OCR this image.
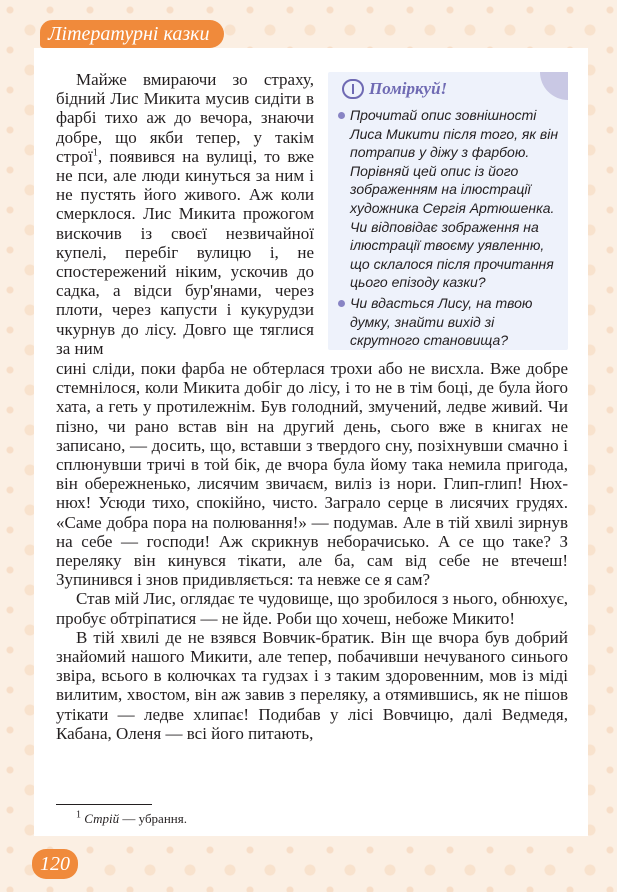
Літературні казки

Майже вмираючи зо страху, бідний Лис Микита мусив сидіти в фарбі тихо аж до вечора, знаючи добре, що якби тепер, у такім строї$^1$, появився на вулиці, то вже не пси, але люди кинуться за ним і не пустять його живого. Аж коли смерклося. Лис Микита прожогом вискочив із своєї незвичайної купелі, перебіг вулицю і, не спостережений ніким, ускочив до садка, а відси бур'янами, через плоти, через капусти і кукурудзи чкурнув до лісу. Довго ще тяглися за ним

Поміркуй!
Прочитай опис зовнішності Лиса Микити після того, як він потрапив у діжу з фарбою. Порівняй цей опис із його зображенням на ілюстрації художника Сергія Артюшенка. Чи відповідає зображення на ілюстрації твоєму уявленню, що склалося після прочитання цього епізоду казки?
Чи вдасться Лису, на твою думку, знайти вихід зі скрутного становища?

сині сліди, поки фарба не обтерлася трохи або не висхла. Вже добре стемнілося, коли Микита добіг до лісу, і то не в тім боці, де була його хата, а геть у протилежнім. Був голодний, змучений, ледве живий. Чи пізно, чи рано встав він на другий день, сього вже в книгах не записано, — досить, що, вставши з твердого сну, позіхнувши смачно і сплюнувши тричі в той бік, де вчора була йому така немила пригода, він обережненько, лисячим звичаєм, виліз із нори. Глип-глип! Нюх-нюх! Усюди тихо, спокійно, чисто. Заграло серце в лисячих грудях. «Саме добра пора на полювання!» — подумав. Але в тій хвилі зирнув на себе — господи! Аж скрикнув неборачисько. А се що таке? З переляку він кинувся тікати, але ба, сам від себе не втечеш! Зупинився і знов придивляється: та невже се я сам?

Став мій Лис, оглядає те чудовище, що зробилося з нього, обнюхує, пробує обтріпатися — не йде. Роби що хочеш, небоже Микито!

В тій хвилі де не взявся Вовчик-братик. Він ще вчора був добрий знайомий нашого Микити, але тепер, побачивши нечуваного синього звіра, всього в колючках та гудзах і з таким здоровенним, мов із міді вилитим, хвостом, він аж завив з переляку, а отямившись, як не пішов утікати — ледве хлипає! Подибав у лісі Вовчицю, далі Ведмедя, Кабана, Оленя — всі його питають,

$^1$ Стрій — убрання.
120
